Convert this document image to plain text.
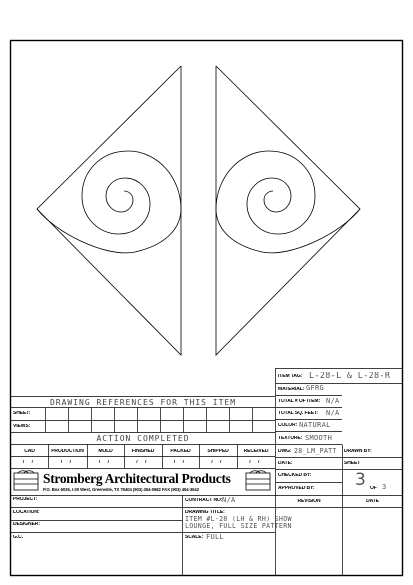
DRAWING REFERENCES FOR THIS ITEM
SHEET:
VIEWS:
ACTION COMPLETED
CAD	PRODUCTION	MOLD	FINISHED	PACKED	SHIPPED	RECEIVED
/ /	/ /	/ /	/ /	/ /	/ /	/ /
Stromberg Architectural Products
P.O. Box 6036, I-30 West, Greenville, TX 75404 (903) 454-0682 FAX (903) 454-3642
PROJECT:
LOCATION:
DESIGNER:
G.C.
CONTRACT NO: N/A
DRAWING TITLE:
ITEM #L-28 (LH & RH) SHOW
LOUNGE, FULL SIZE PATTERN
SCALE: FULL
REVISION	DATE
ITEM TAG: L-28-L & L-28-R
MATERIAL: GFRG
TOTAL # OF ITEM: N/A
TOTAL SQ. FEET: N/A
COLOR: NATURAL
TEXTURE: SMOOTH
DWG: 28_LM_PATT
DATE:
CHECKED BY:
APPROVED BY:
DRAWN BY:
SHEET
3 OF 3
